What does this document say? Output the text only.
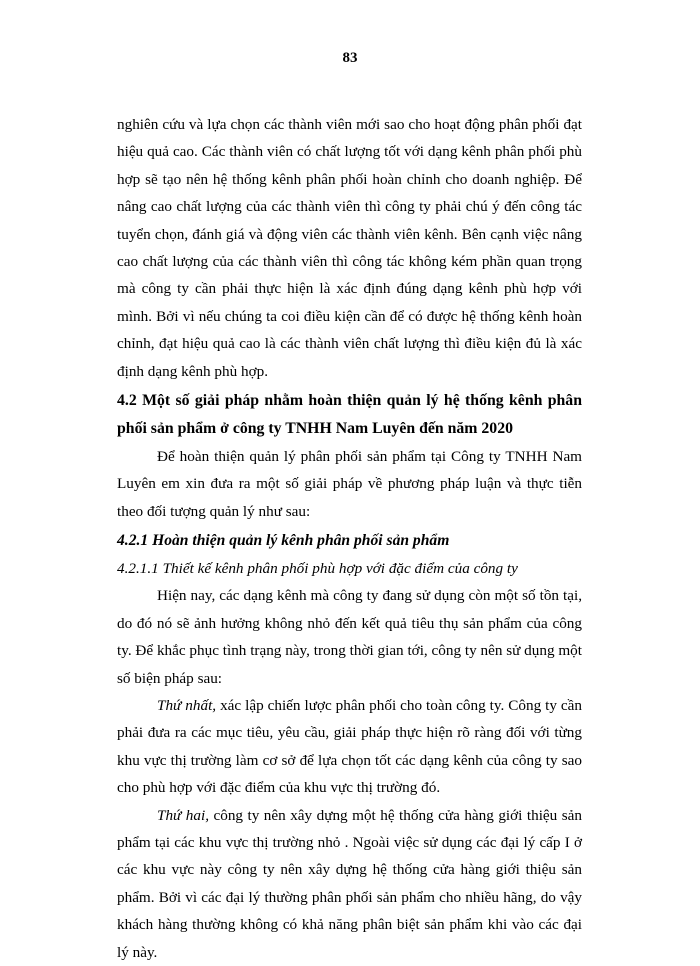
83

nghiên cứu và lựa chọn các thành viên mới sao cho hoạt động phân phối đạt hiệu quả cao. Các thành viên có chất lượng tốt với dạng kênh phân phối phù hợp sẽ tạo nên hệ thống kênh phân phối hoàn chỉnh cho doanh nghiệp. Để nâng cao chất lượng của các thành viên thì công ty phải chú ý đến công tác tuyển chọn, đánh giá và động viên các thành viên kênh. Bên cạnh việc nâng cao chất lượng của các thành viên thì công tác không kém phần quan trọng mà công ty cần phải thực hiện là xác định đúng dạng kênh phù hợp với mình. Bởi vì nếu chúng ta coi điều kiện cần để có được hệ thống kênh hoàn chỉnh, đạt hiệu quả cao là các thành viên chất lượng thì điều kiện đủ là xác định dạng kênh phù hợp.

4.2 Một số giải pháp nhằm hoàn thiện quản lý hệ thống kênh phân phối sản phẩm ở công ty TNHH Nam Luyên đến năm 2020

Để hoàn thiện quản lý phân phối sản phẩm tại Công ty TNHH Nam Luyên em xin đưa ra một số giải pháp về phương pháp luận và thực tiễn theo đối tượng quản lý như sau:

4.2.1 Hoàn thiện quản lý kênh phân phối sản phẩm

4.2.1.1 Thiết kế kênh phân phối phù hợp với đặc điểm của công ty

Hiện nay, các dạng kênh mà công ty đang sử dụng còn một số tồn tại, do đó nó sẽ ảnh hưởng không nhỏ đến kết quả tiêu thụ sản phẩm của công ty. Để khắc phục tình trạng này, trong thời gian tới, công ty nên sử dụng một số biện pháp sau:

Thứ nhất, xác lập chiến lược phân phối cho toàn công ty. Công ty cần phải đưa ra các mục tiêu, yêu cầu, giải pháp thực hiện rõ ràng đối với từng khu vực thị trường làm cơ sở để lựa chọn tốt các dạng kênh của công ty sao cho phù hợp với đặc điểm của khu vực thị trường đó.

Thứ hai, công ty nên xây dựng một hệ thống cửa hàng giới thiệu sản phẩm tại các khu vực thị trường nhỏ . Ngoài việc sử dụng các đại lý cấp I ở các khu vực này công ty nên xây dựng hệ thống cửa hàng giới thiệu sản phẩm. Bởi vì các đại lý thường phân phối sản phẩm cho nhiều hãng, do vậy khách hàng thường không có khả năng phân biệt sản phẩm khi vào các đại lý này.
